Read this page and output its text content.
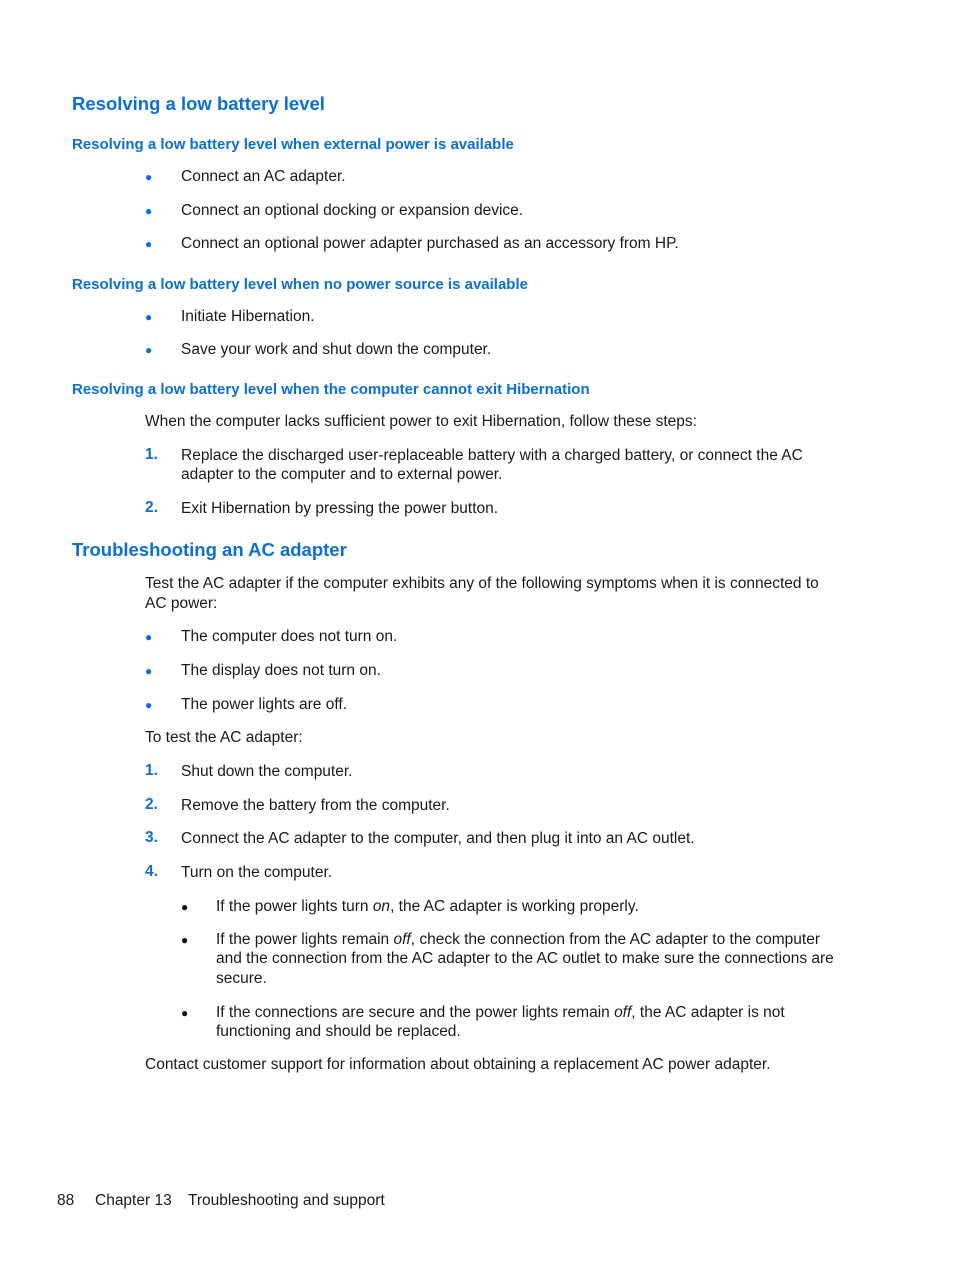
Resolving a low battery level
Resolving a low battery level when external power is available
● Connect an AC adapter.
● Connect an optional docking or expansion device.
● Connect an optional power adapter purchased as an accessory from HP.
Resolving a low battery level when no power source is available
● Initiate Hibernation.
● Save your work and shut down the computer.
Resolving a low battery level when the computer cannot exit Hibernation
When the computer lacks sufficient power to exit Hibernation, follow these steps:
1. Replace the discharged user-replaceable battery with a charged battery, or connect the AC
adapter to the computer and to external power.
2. Exit Hibernation by pressing the power button.
Troubleshooting an AC adapter
Test the AC adapter if the computer exhibits any of the following symptoms when it is connected to
AC power:
● The computer does not turn on.
● The display does not turn on.
● The power lights are off.
To test the AC adapter:
1. Shut down the computer.
2. Remove the battery from the computer.
3. Connect the AC adapter to the computer, and then plug it into an AC outlet.
4. Turn on the computer.
● If the power lights turn on, the AC adapter is working properly.
● If the power lights remain off, check the connection from the AC adapter to the computer
and the connection from the AC adapter to the AC outlet to make sure the connections are
secure.
● If the connections are secure and the power lights remain off, the AC adapter is not
functioning and should be replaced.
Contact customer support for information about obtaining a replacement AC power adapter.
88 Chapter 13 Troubleshooting and support
